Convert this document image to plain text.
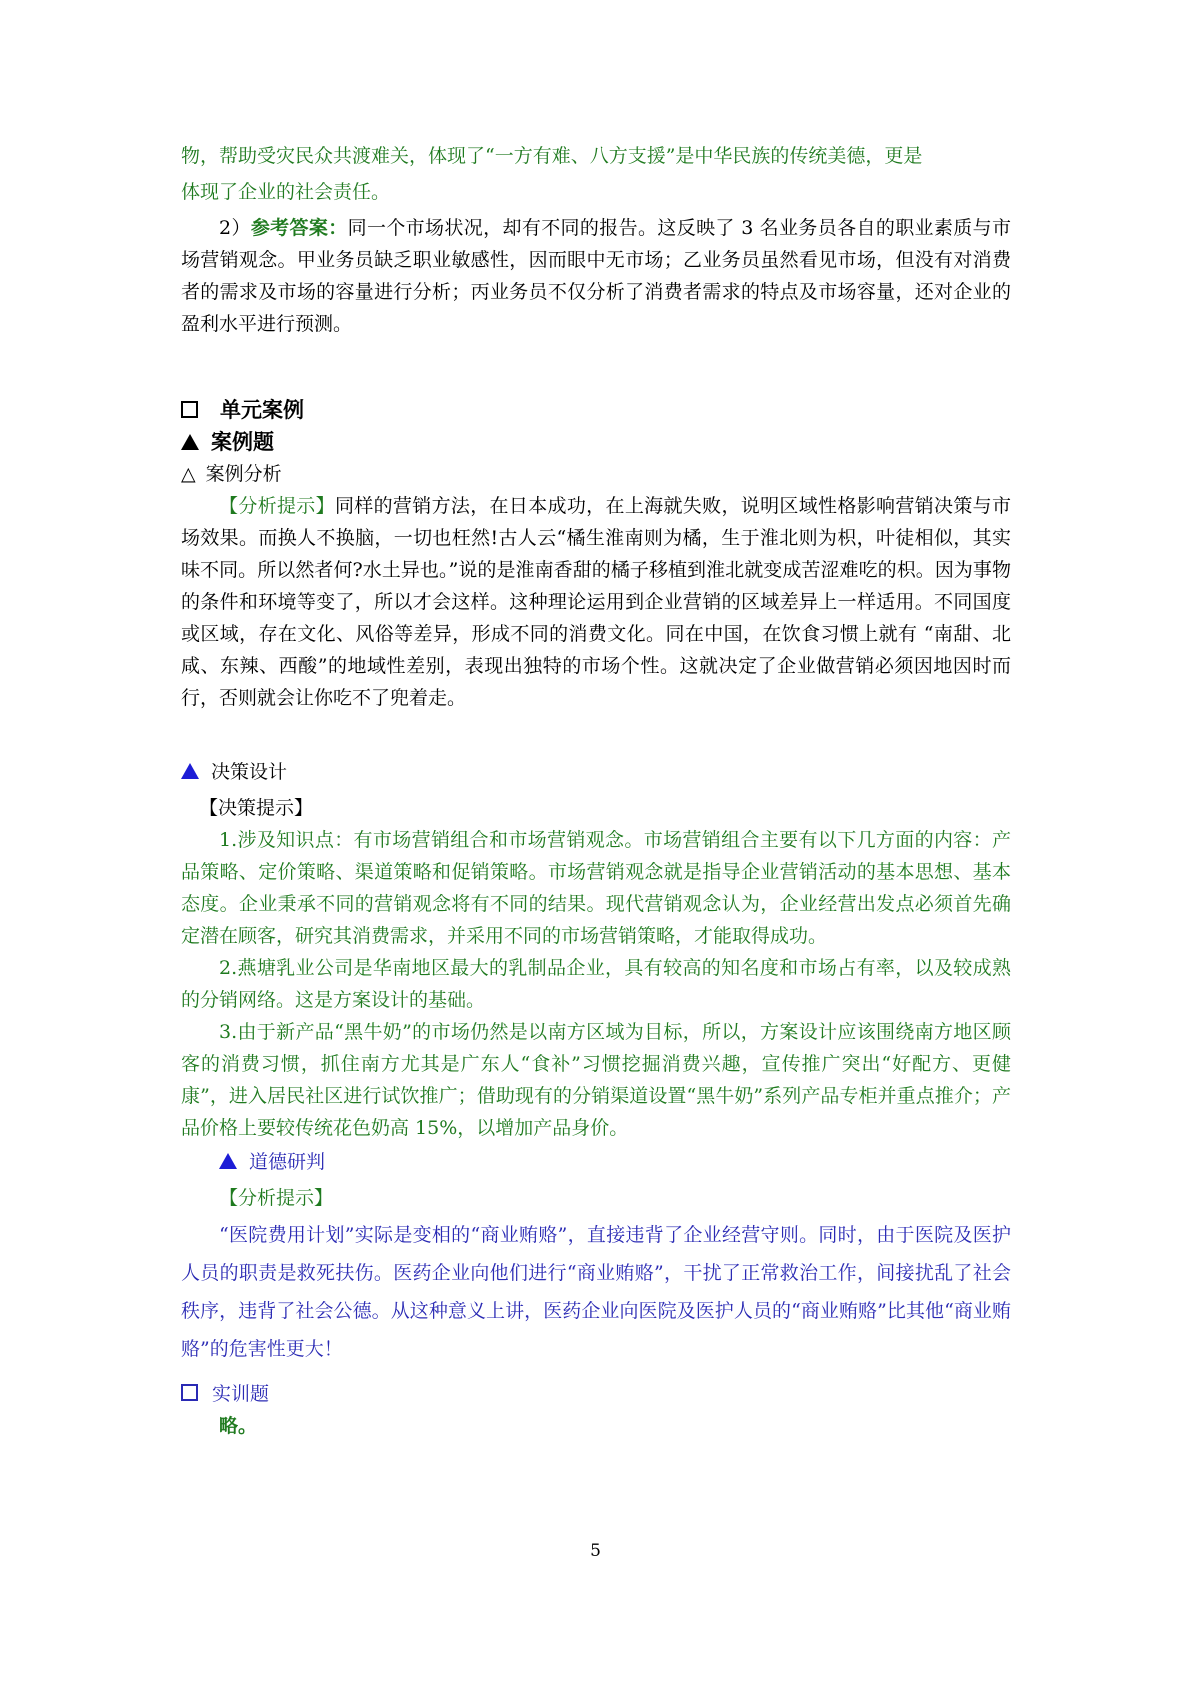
物，帮助受灾民众共渡难关，体现了“一方有难、八方支援”是中华民族的传统美德，更是

体现了企业的社会责任。

2）参考答案：同一个市场状况，却有不同的报告。这反映了 3 名业务员各自的职业素质与市场营销观念。甲业务员缺乏职业敏感性，因而眼中无市场；乙业务员虽然看见市场，但没有对消费者的需求及市场的容量进行分析；丙业务员不仅分析了消费者需求的特点及市场容量，还对企业的盈利水平进行预测。

单元案例

案例题

△ 案例分析

【分析提示】同样的营销方法，在日本成功，在上海就失败，说明区域性格影响营销决策与市场效果。而换人不换脑，一切也枉然!古人云“橘生淮南则为橘，生于淮北则为枳，叶徒相似，其实味不同。所以然者何?水土异也。”说的是淮南香甜的橘子移植到淮北就变成苦涩难吃的枳。因为事物的条件和环境等变了，所以才会这样。这种理论运用到企业营销的区域差异上一样适用。不同国度或区域，存在文化、风俗等差异，形成不同的消费文化。同在中国，在饮食习惯上就有 “南甜、北咸、东辣、西酸”的地域性差别，表现出独特的市场个性。这就决定了企业做营销必须因地因时而行，否则就会让你吃不了兜着走。

决策设计

【决策提示】

1.涉及知识点：有市场营销组合和市场营销观念。市场营销组合主要有以下几方面的内容：产品策略、定价策略、渠道策略和促销策略。市场营销观念就是指导企业营销活动的基本思想、基本态度。企业秉承不同的营销观念将有不同的结果。现代营销观念认为，企业经营出发点必须首先确定潜在顾客，研究其消费需求，并采用不同的市场营销策略，才能取得成功。

2.燕塘乳业公司是华南地区最大的乳制品企业，具有较高的知名度和市场占有率，以及较成熟的分销网络。这是方案设计的基础。

3.由于新产品“黑牛奶”的市场仍然是以南方区域为目标，所以，方案设计应该围绕南方地区顾客的消费习惯，抓住南方尤其是广东人“食补”习惯挖掘消费兴趣，宣传推广突出“好配方、更健康”，进入居民社区进行试饮推广；借助现有的分销渠道设置“黑牛奶”系列产品专柜并重点推介；产品价格上要较传统花色奶高 15%，以增加产品身价。

道德研判

【分析提示】

“医院费用计划”实际是变相的“商业贿赂”，直接违背了企业经营守则。同时，由于医院及医护人员的职责是救死扶伤。医药企业向他们进行“商业贿赂”，干扰了正常救治工作，间接扰乱了社会秩序，违背了社会公德。从这种意义上讲，医药企业向医院及医护人员的“商业贿赂”比其他“商业贿赂”的危害性更大！

实训题

略。

5
